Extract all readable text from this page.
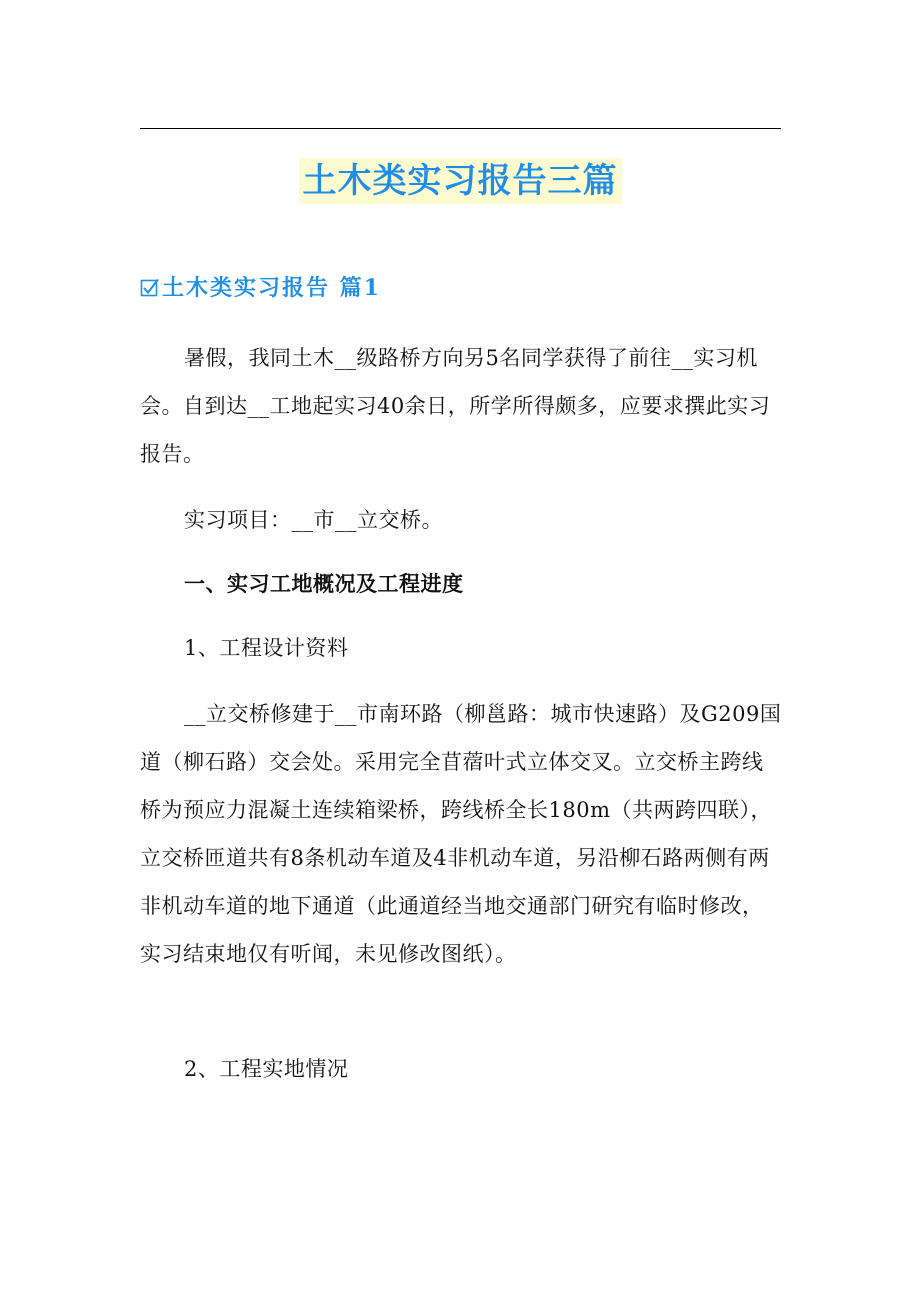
土木类实习报告三篇
土木类实习报告 篇1

暑假，我同土木__级路桥方向另5名同学获得了前往__实习机会。自到达__工地起实习40余日，所学所得颇多，应要求撰此实习报告。

实习项目：__市__立交桥。

一、实习工地概况及工程进度

1、工程设计资料

__立交桥修建于__市南环路（柳邕路：城市快速路）及G209国道（柳石路）交会处。采用完全苜蓿叶式立体交叉。立交桥主跨线桥为预应力混凝土连续箱梁桥，跨线桥全长180m（共两跨四联），立交桥匝道共有8条机动车道及4非机动车道，另沿柳石路两侧有两非机动车道的地下通道（此通道经当地交通部门研究有临时修改，实习结束地仅有听闻，未见修改图纸）。

2、工程实地情况
